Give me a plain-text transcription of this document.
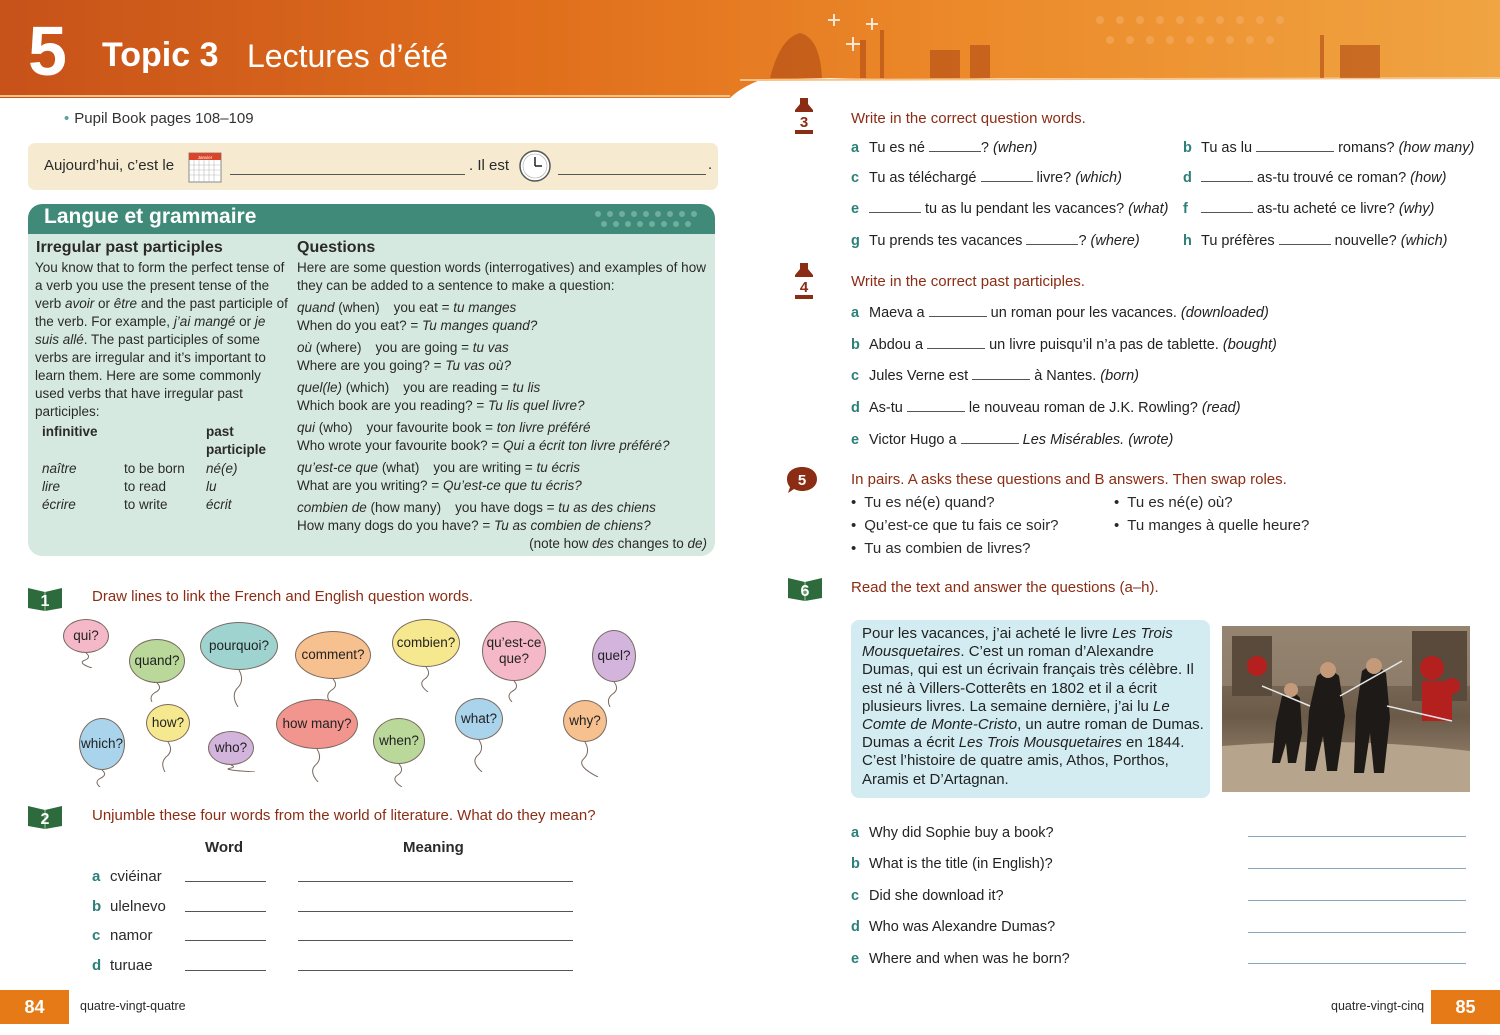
5 Topic 3 Lectures d’été
• Pupil Book pages 108–109
Aujourd’hui, c’est le	Janvier	. Il est	.
Langue et grammaire
Irregular past participles
You know that to form the perfect tense of a verb you use the present tense of the verb avoir or être and the past participle of the verb. For example, j’ai mangé or je suis allé. The past participles of some verbs are irregular and it’s important to learn them. Here are some commonly used verbs that have irregular past participles:
infinitive	past
participle
naître	to be born	né(e)
lire	to read	lu
écrire	to write	écrit
Questions
Here are some question words (interrogatives) and examples of how they can be added to a sentence to make a question:
quand (when) you eat = tu manges
When do you eat? = Tu manges quand?
où (where) you are going = tu vas
Where are you going? = Tu vas où?
quel(le) (which) you are reading = tu lis
Which book are you reading? = Tu lis quel livre?
qui (who) your favourite book = ton livre préféré
Who wrote your favourite book? = Qui a écrit ton livre préféré?
qu’est-ce que (what) you are writing = tu écris
What are you writing? = Qu’est-ce que tu écris?
combien de (how many) you have dogs = tu as des chiens
How many dogs do you have? = Tu as combien de chiens?
(note how des changes to de)
1	Draw lines to link the French and English question words.
qui?
quand?
pourquoi?
comment?
combien?	qu’est-ce que?	quel?
which?
how?
who?
how many?
when?
what?	why?
2	Unjumble these four words from the world of literature. What do they mean?
Word	Meaning
a cviéinar
b ulelnevo
c namor
d turuae
3	Write in the correct question words.
a Tu es né	? (when)	b Tu as lu	romans? (how many)
c Tu as téléchargé	livre? (which)	d	as-tu trouvé ce roman? (how)
e	tu as lu pendant les vacances? (what) f	as-tu acheté ce livre? (why)
g Tu prends tes vacances	? (where)	h Tu préfères	nouvelle? (which)
4	Write in the correct past participles.
a Maeva a	un roman pour les vacances. (downloaded)
b Abdou a	un livre puisqu’il n’a pas de tablette. (bought)
c Jules Verne est	à Nantes. (born)
d As-tu	le nouveau roman de J.K. Rowling? (read)
e Victor Hugo a	Les Misérables. (wrote)
5	In pairs. A asks these questions and B answers. Then swap roles.
• Tu es né(e) quand?
• Qu’est-ce que tu fais ce soir?
• Tu as combien de livres?
• Tu es né(e) où?
• Tu manges à quelle heure?
6	Read the text and answer the questions (a–h).
Pour les vacances, j’ai acheté le livre Les Trois Mousquetaires. C’est un roman d’Alexandre Dumas, qui est un écrivain français très célèbre. Il est né à Villers-Cotterêts en 1802 et il a écrit plusieurs livres. La semaine dernière, j’ai lu Le Comte de Monte-Cristo, un autre roman de Dumas. Dumas a écrit Les Trois Mousquetaires en 1844. C’est l’histoire de quatre amis, Athos, Porthos, Aramis et D’Artagnan.
a Why did Sophie buy a book?
b What is the title (in English)?
c Did she download it?
d Who was Alexandre Dumas?
e Where and when was he born?
84	quatre-vingt-quatre	quatre-vingt-cinq	85
